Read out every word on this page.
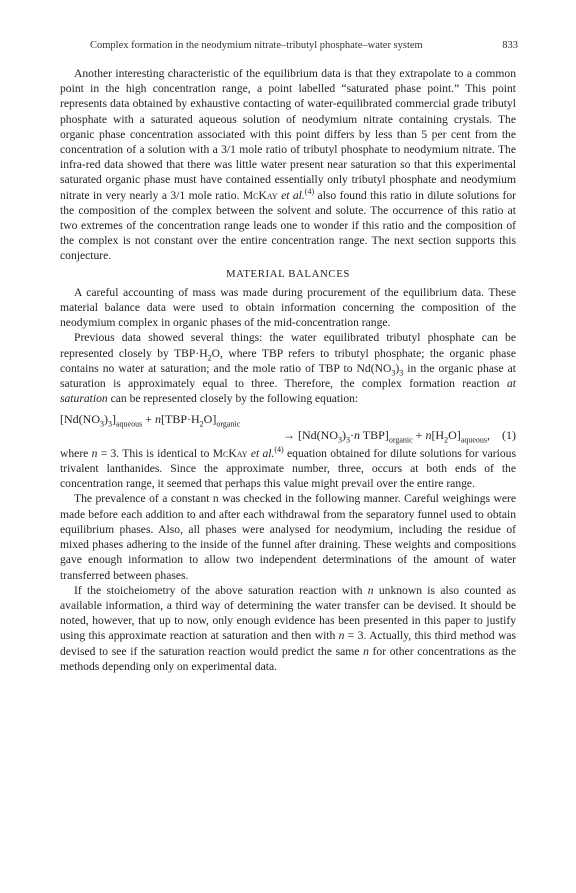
Complex formation in the neodymium nitrate–tributyl phosphate–water system	833

Another interesting characteristic of the equilibrium data is that they extrapolate to a common point in the high concentration range, a point labelled “saturated phase point.” This point represents data obtained by exhaustive contacting of water-equilibrated commercial grade tributyl phosphate with a saturated aqueous solution of neodymium nitrate containing crystals. The organic phase concentration associated with this point differs by less than 5 per cent from the concentration of a solution with a 3/1 mole ratio of tributyl phosphate to neodymium nitrate. The infra-red data showed that there was little water present near saturation so that this experimental saturated organic phase must have contained essentially only tributyl phosphate and neodymium nitrate in very nearly a 3/1 mole ratio. McKay et al.$^{(4)}$ also found this ratio in dilute solutions for the composition of the complex between the solvent and solute. The occurrence of this ratio at two extremes of the concentration range leads one to wonder if this ratio and the composition of the complex is not constant over the entire concentration range. The next section supports this conjecture.

MATERIAL BALANCES

A careful accounting of mass was made during procurement of the equilibrium data. These material balance data were used to obtain information concerning the composition of the neodymium complex in organic phases of the mid-concentration range.

Previous data showed several things: the water equilibrated tributyl phosphate can be represented closely by $TBP\cdot H_2O$, where TBP refers to tributyl phosphate; the organic phase contains no water at saturation; and the mole ratio of TBP to $Nd(NO_3)_3$ in the organic phase at saturation is approximately equal to three. Therefore, the complex formation reaction at saturation can be represented closely by the following equation:

$[Nd(NO_3)_3]_{aqueous} + n[TBP\cdot H_2O]_{organic}$
→ [$Nd(NO_3)_3\cdot n$ $TBP]_{organic} + n[H_2O]_{aqueous}$, (1)

where n = 3. This is identical to McKay et al.$^{(4)}$ equation obtained for dilute solutions for various trivalent lanthanides. Since the approximate number, three, occurs at both ends of the concentration range, it seemed that perhaps this value might prevail over the entire range.

The prevalence of a constant n was checked in the following manner. Careful weighings were made before each addition to and after each withdrawal from the separatory funnel used to obtain equilibrium phases. Also, all phases were analysed for neodymium, including the residue of mixed phases adhering to the inside of the funnel after draining. These weights and compositions gave enough information to allow two independent determinations of the amount of water transferred between phases.

If the stoicheiometry of the above saturation reaction with n unknown is also counted as available information, a third way of determining the water transfer can be devised. It should be noted, however, that up to now, only enough evidence has been presented in this paper to justify using this approximate reaction at saturation and then with n = 3. Actually, this third method was devised to see if the saturation reaction would predict the same n for other concentrations as the methods depending only on experimental data.
